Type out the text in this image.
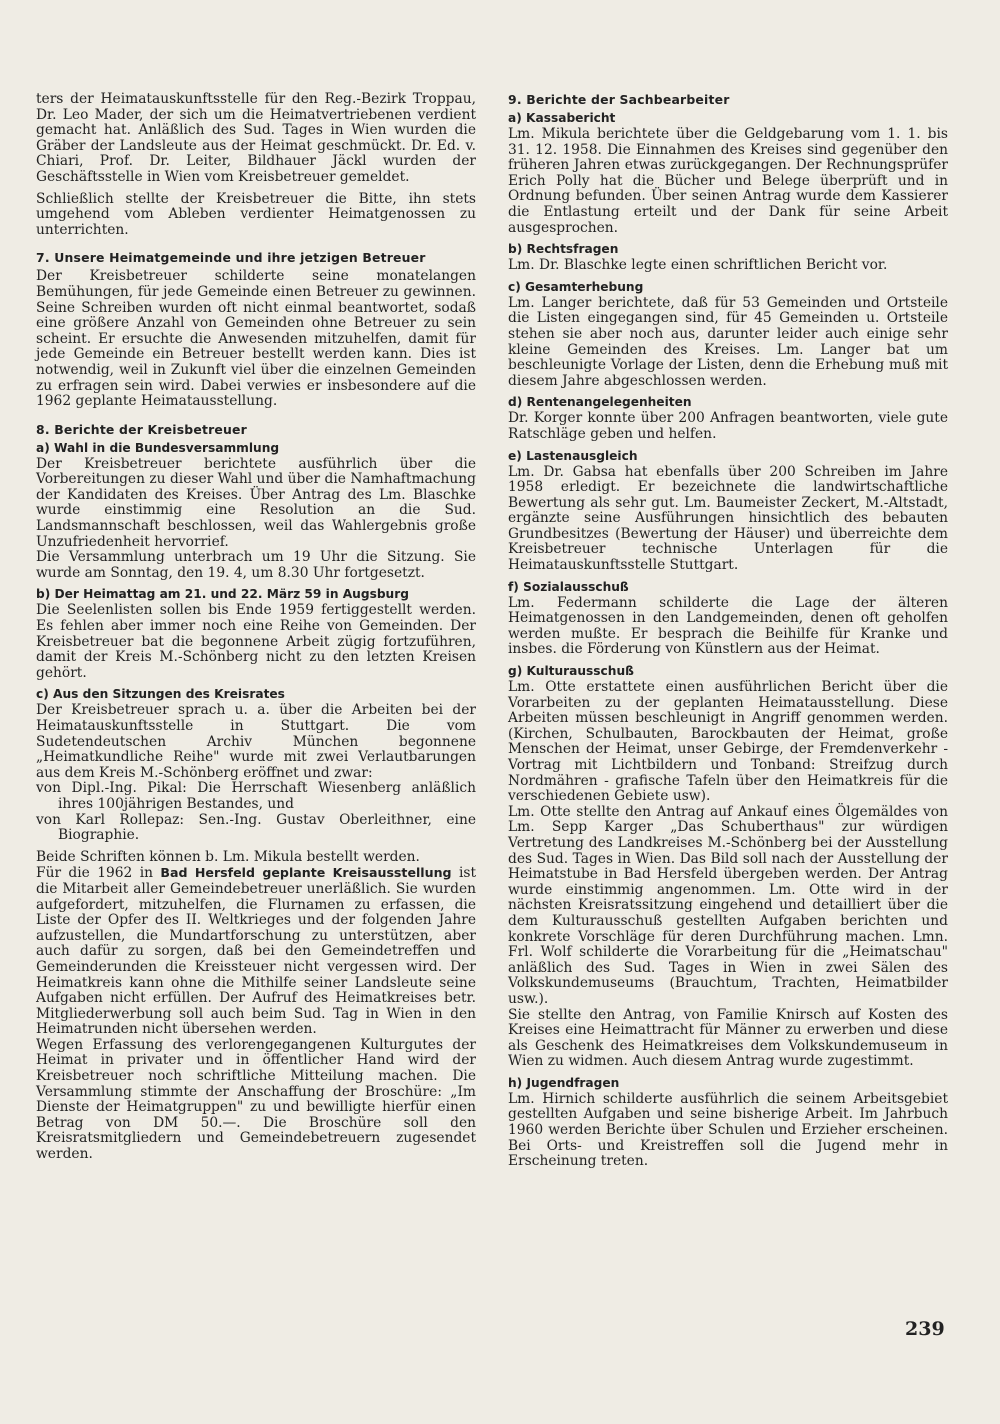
ters der Heimatauskunftsstelle für den Reg.-Bezirk Troppau, Dr. Leo Mader, der sich um die Heimatvertriebenen verdient gemacht hat. Anläßlich des Sud. Tages in Wien wurden die Gräber der Landsleute aus der Heimat geschmückt. Dr. Ed. v. Chiari, Prof. Dr. Leiter, Bildhauer Jäckl wurden der Geschäftsstelle in Wien vom Kreisbetreuer gemeldet.

Schließlich stellte der Kreisbetreuer die Bitte, ihn stets umgehend vom Ableben verdienter Heimatgenossen zu unterrichten.

7. Unsere Heimatgemeinde und ihre jetzigen Betreuer

Der Kreisbetreuer schilderte seine monatelangen Bemühungen, für jede Gemeinde einen Betreuer zu gewinnen. Seine Schreiben wurden oft nicht einmal beantwortet, sodaß eine größere Anzahl von Gemeinden ohne Betreuer zu sein scheint. Er ersuchte die Anwesenden mitzuhelfen, damit für jede Gemeinde ein Betreuer bestellt werden kann. Dies ist notwendig, weil in Zukunft viel über die einzelnen Gemeinden zu erfragen sein wird. Dabei verwies er insbesondere auf die 1962 geplante Heimatausstellung.

8. Berichte der Kreisbetreuer
a) Wahl in die Bundesversammlung

Der Kreisbetreuer berichtete ausführlich über die Vorbereitungen zu dieser Wahl und über die Namhaftmachung der Kandidaten des Kreises. Über Antrag des Lm. Blaschke wurde einstimmig eine Resolution an die Sud. Landsmannschaft beschlossen, weil das Wahlergebnis große Unzufriedenheit hervorrief.

Die Versammlung unterbrach um 19 Uhr die Sitzung. Sie wurde am Sonntag, den 19. 4, um 8.30 Uhr fortgesetzt.

b) Der Heimattag am 21. und 22. März 59 in Augsburg

Die Seelenlisten sollen bis Ende 1959 fertiggestellt werden. Es fehlen aber immer noch eine Reihe von Gemeinden. Der Kreisbetreuer bat die begonnene Arbeit zügig fortzuführen, damit der Kreis M.-Schönberg nicht zu den letzten Kreisen gehört.

c) Aus den Sitzungen des Kreisrates

Der Kreisbetreuer sprach u. a. über die Arbeiten bei der Heimatauskunftsstelle in Stuttgart. Die vom Sudetendeutschen Archiv München begonnene „Heimatkundliche Reihe" wurde mit zwei Verlautbarungen aus dem Kreis M.-Schönberg eröffnet und zwar:

von Dipl.-Ing. Pikal: Die Herrschaft Wiesenberg anläßlich ihres 100jährigen Bestandes, und

von Karl Rollepaz: Sen.-Ing. Gustav Oberleithner, eine Biographie.

Beide Schriften können b. Lm. Mikula bestellt werden.

Für die 1962 in Bad Hersfeld geplante Kreisausstellung ist die Mitarbeit aller Gemeindebetreuer unerläßlich. Sie wurden aufgefordert, mitzuhelfen, die Flurnamen zu erfassen, die Liste der Opfer des II. Weltkrieges und der folgenden Jahre aufzustellen, die Mundartforschung zu unterstützen, aber auch dafür zu sorgen, daß bei den Gemeindetreffen und Gemeinderunden die Kreissteuer nicht vergessen wird. Der Heimatkreis kann ohne die Mithilfe seiner Landsleute seine Aufgaben nicht erfüllen. Der Aufruf des Heimatkreises betr. Mitgliederwerbung soll auch beim Sud. Tag in Wien in den Heimatrunden nicht übersehen werden.

Wegen Erfassung des verlorengegangenen Kulturgutes der Heimat in privater und in öffentlicher Hand wird der Kreisbetreuer noch schriftliche Mitteilung machen. Die Versammlung stimmte der Anschaffung der Broschüre: „Im Dienste der Heimatgruppen" zu und bewilligte hierfür einen Betrag von DM 50.—. Die Broschüre soll den Kreisratsmitgliedern und Gemeindebetreuern zugesendet werden.

9. Berichte der Sachbearbeiter
a) Kassabericht

Lm. Mikula berichtete über die Geldgebarung vom 1. 1. bis 31. 12. 1958. Die Einnahmen des Kreises sind gegenüber den früheren Jahren etwas zurückgegangen. Der Rechnungsprüfer Erich Polly hat die Bücher und Belege überprüft und in Ordnung befunden. Über seinen Antrag wurde dem Kassierer die Entlastung erteilt und der Dank für seine Arbeit ausgesprochen.

b) Rechtsfragen

Lm. Dr. Blaschke legte einen schriftlichen Bericht vor.

c) Gesamterhebung

Lm. Langer berichtete, daß für 53 Gemeinden und Ortsteile die Listen eingegangen sind, für 45 Gemeinden u. Ortsteile stehen sie aber noch aus, darunter leider auch einige sehr kleine Gemeinden des Kreises. Lm. Langer bat um beschleunigte Vorlage der Listen, denn die Erhebung muß mit diesem Jahre abgeschlossen werden.

d) Rentenangelegenheiten

Dr. Korger konnte über 200 Anfragen beantworten, viele gute Ratschläge geben und helfen.

e) Lastenausgleich

Lm. Dr. Gabsa hat ebenfalls über 200 Schreiben im Jahre 1958 erledigt. Er bezeichnete die landwirtschaftliche Bewertung als sehr gut. Lm. Baumeister Zeckert, M.-Altstadt, ergänzte seine Ausführungen hinsichtlich des bebauten Grundbesitzes (Bewertung der Häuser) und überreichte dem Kreisbetreuer technische Unterlagen für die Heimatauskunftsstelle Stuttgart.

f) Sozialausschuß

Lm. Federmann schilderte die Lage der älteren Heimatgenossen in den Landgemeinden, denen oft geholfen werden mußte. Er besprach die Beihilfe für Kranke und insbes. die Förderung von Künstlern aus der Heimat.

g) Kulturausschuß

Lm. Otte erstattete einen ausführlichen Bericht über die Vorarbeiten zu der geplanten Heimatausstellung. Diese Arbeiten müssen beschleunigt in Angriff genommen werden. (Kirchen, Schulbauten, Barockbauten der Heimat, große Menschen der Heimat, unser Gebirge, der Fremdenverkehr - Vortrag mit Lichtbildern und Tonband: Streifzug durch Nordmähren - grafische Tafeln über den Heimatkreis für die verschiedenen Gebiete usw).

Lm. Otte stellte den Antrag auf Ankauf eines Ölgemäldes von Lm. Sepp Karger „Das Schuberthaus" zur würdigen Vertretung des Landkreises M.-Schönberg bei der Ausstellung des Sud. Tages in Wien. Das Bild soll nach der Ausstellung der Heimatstube in Bad Hersfeld übergeben werden. Der Antrag wurde einstimmig angenommen. Lm. Otte wird in der nächsten Kreisratssitzung eingehend und detailliert über die dem Kulturausschuß gestellten Aufgaben berichten und konkrete Vorschläge für deren Durchführung machen. Lmn. Frl. Wolf schilderte die Vorarbeitung für die „Heimatschau" anläßlich des Sud. Tages in Wien in zwei Sälen des Volkskundemuseums (Brauchtum, Trachten, Heimatbilder usw.).

Sie stellte den Antrag, von Familie Knirsch auf Kosten des Kreises eine Heimattracht für Männer zu erwerben und diese als Geschenk des Heimatkreises dem Volkskundemuseum in Wien zu widmen. Auch diesem Antrag wurde zugestimmt.

h) Jugendfragen

Lm. Hirnich schilderte ausführlich die seinem Arbeitsgebiet gestellten Aufgaben und seine bisherige Arbeit. Im Jahrbuch 1960 werden Berichte über Schulen und Erzieher erscheinen. Bei Orts- und Kreistreffen soll die Jugend mehr in Erscheinung treten.

239
